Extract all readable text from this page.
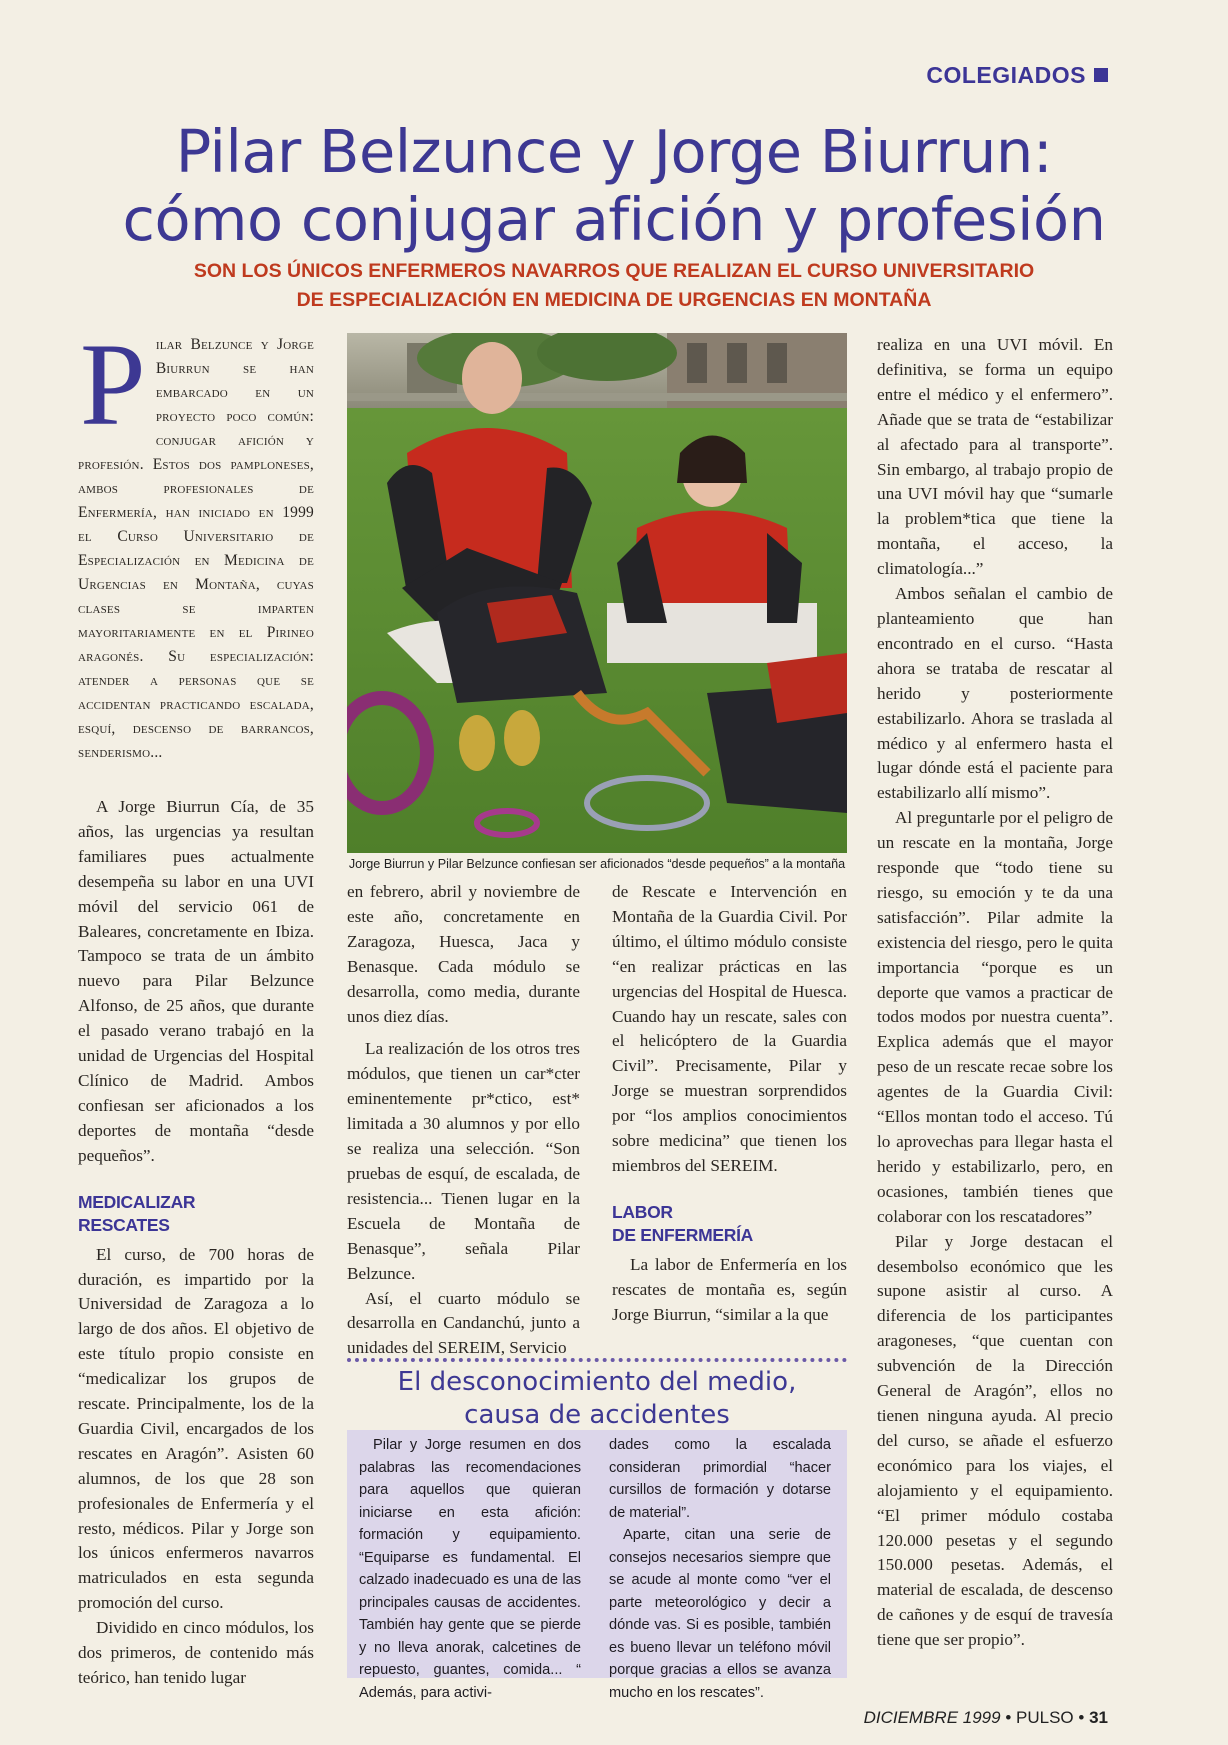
COLEGIADOS
Pilar Belzunce y Jorge Biurrun:
cómo conjugar afición y profesión
SON LOS ÚNICOS ENFERMEROS NAVARROS QUE REALIZAN EL CURSO UNIVERSITARIO
DE ESPECIALIZACIÓN EN MEDICINA DE URGENCIAS EN MONTAÑA
Pilar Belzunce y Jorge Biurrun se han embarcado en un proyecto poco común: conjugar afición y profesión. Estos dos pamploneses, ambos profesionales de Enfermería, han iniciado en 1999 el Curso Universitario de Especialización en Medicina de Urgencias en Montaña, cuyas clases se imparten mayoritariamente en el Pirineo aragonés. Su especialización: atender a personas que se accidentan practicando escalada, esquí, descenso de barrancos, senderismo...

A Jorge Biurrun Cía, de 35 años, las urgencias ya resultan familiares pues actualmente desempeña su labor en una UVI móvil del servicio 061 de Baleares, concretamente en Ibiza. Tampoco se trata de un ámbito nuevo para Pilar Belzunce Alfonso, de 25 años, que durante el pasado verano trabajó en la unidad de Urgencias del Hospital Clínico de Madrid. Ambos confiesan ser aficionados a los deportes de montaña “desde pequeños”.

MEDICALIZAR
RESCATES

El curso, de 700 horas de duración, es impartido por la Universidad de Zaragoza a lo largo de dos años. El objetivo de este título propio consiste en “medicalizar los grupos de rescate. Principalmente, los de la Guardia Civil, encargados de los rescates en Aragón”. Asisten 60 alumnos, de los que 28 son profesionales de Enfermería y el resto, médicos. Pilar y Jorge son los únicos enfermeros navarros matriculados en esta segunda promoción del curso.

Dividido en cinco módulos, los dos primeros, de contenido más teórico, han tenido lugar

Jorge Biurrun y Pilar Belzunce confiesan ser aficionados “desde pequeños” a la montaña

en febrero, abril y noviembre de este año, concretamente en Zaragoza, Huesca, Jaca y Benasque. Cada módulo se desarrolla, como media, durante unos diez días.

La realización de los otros tres módulos, que tienen un car*cter eminentemente pr*ctico, est* limitada a 30 alumnos y por ello se realiza una selección. “Son pruebas de esquí, de escalada, de resistencia... Tienen lugar en la Escuela de Montaña de Benasque”, señala Pilar Belzunce.

Así, el cuarto módulo se desarrolla en Candanchú, junto a unidades del SEREIM, Servicio

de Rescate e Intervención en Montaña de la Guardia Civil. Por último, el último módulo consiste “en realizar prácticas en las urgencias del Hospital de Huesca. Cuando hay un rescate, sales con el helicóptero de la Guardia Civil”. Precisamente, Pilar y Jorge se muestran sorprendidos por “los amplios conocimientos sobre medicina” que tienen los miembros del SEREIM.

LABOR
DE ENFERMERÍA

La labor de Enfermería en los rescates de montaña es, según Jorge Biurrun, “similar a la que

El desconocimiento del medio,
causa de accidentes

Pilar y Jorge resumen en dos palabras las recomendaciones para aquellos que quieran iniciarse en esta afición: formación y equipamiento. “Equiparse es fundamental. El calzado inadecuado es una de las principales causas de accidentes. También hay gente que se pierde y no lleva anorak, calcetines de repuesto, guantes, comida... “ Además, para activi-

dades como la escalada consideran primordial “hacer cursillos de formación y dotarse de material”.

Aparte, citan una serie de consejos necesarios siempre que se acude al monte como “ver el parte meteorológico y decir a dónde vas. Si es posible, también es bueno llevar un teléfono móvil porque gracias a ellos se avanza mucho en los rescates”.

realiza en una UVI móvil. En definitiva, se forma un equipo entre el médico y el enfermero”. Añade que se trata de “estabilizar al afectado para al transporte”. Sin embargo, al trabajo propio de una UVI móvil hay que “sumarle la problem*tica que tiene la montaña, el acceso, la climatología...”

Ambos señalan el cambio de planteamiento que han encontrado en el curso. “Hasta ahora se trataba de rescatar al herido y posteriormente estabilizarlo. Ahora se traslada al médico y al enfermero hasta el lugar dónde está el paciente para estabilizarlo allí mismo”.

Al preguntarle por el peligro de un rescate en la montaña, Jorge responde que “todo tiene su riesgo, su emoción y te da una satisfacción”. Pilar admite la existencia del riesgo, pero le quita importancia “porque es un deporte que vamos a practicar de todos modos por nuestra cuenta”. Explica además que el mayor peso de un rescate recae sobre los agentes de la Guardia Civil: “Ellos montan todo el acceso. Tú lo aprovechas para llegar hasta el herido y estabilizarlo, pero, en ocasiones, también tienes que colaborar con los rescatadores”

Pilar y Jorge destacan el desembolso económico que les supone asistir al curso. A diferencia de los participantes aragoneses, “que cuentan con subvención de la Dirección General de Aragón”, ellos no tienen ninguna ayuda. Al precio del curso, se añade el esfuerzo económico para los viajes, el alojamiento y el equipamiento. “El primer módulo costaba 120.000 pesetas y el segundo 150.000 pesetas. Además, el material de escalada, de descenso de cañones y de esquí de travesía tiene que ser propio”.

DICIEMBRE 1999 • PULSO • 31
